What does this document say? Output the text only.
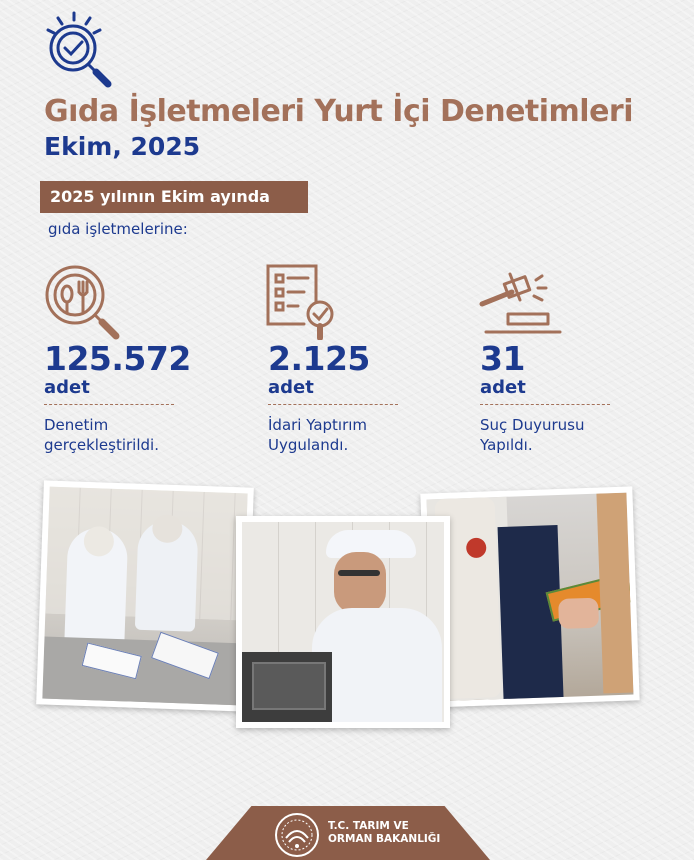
Gıda İşletmeleri Yurt İçi Denetimleri
Ekim, 2025
2025 yılının Ekim ayında
gıda işletmelerine:
125.572
adet
Denetim
gerçekleştirildi.
2.125
adet
İdari Yaptırım
Uygulandı.
31
adet
Suç Duyurusu
Yapıldı.
T.C. TARIM VE
ORMAN BAKANLIĞI
